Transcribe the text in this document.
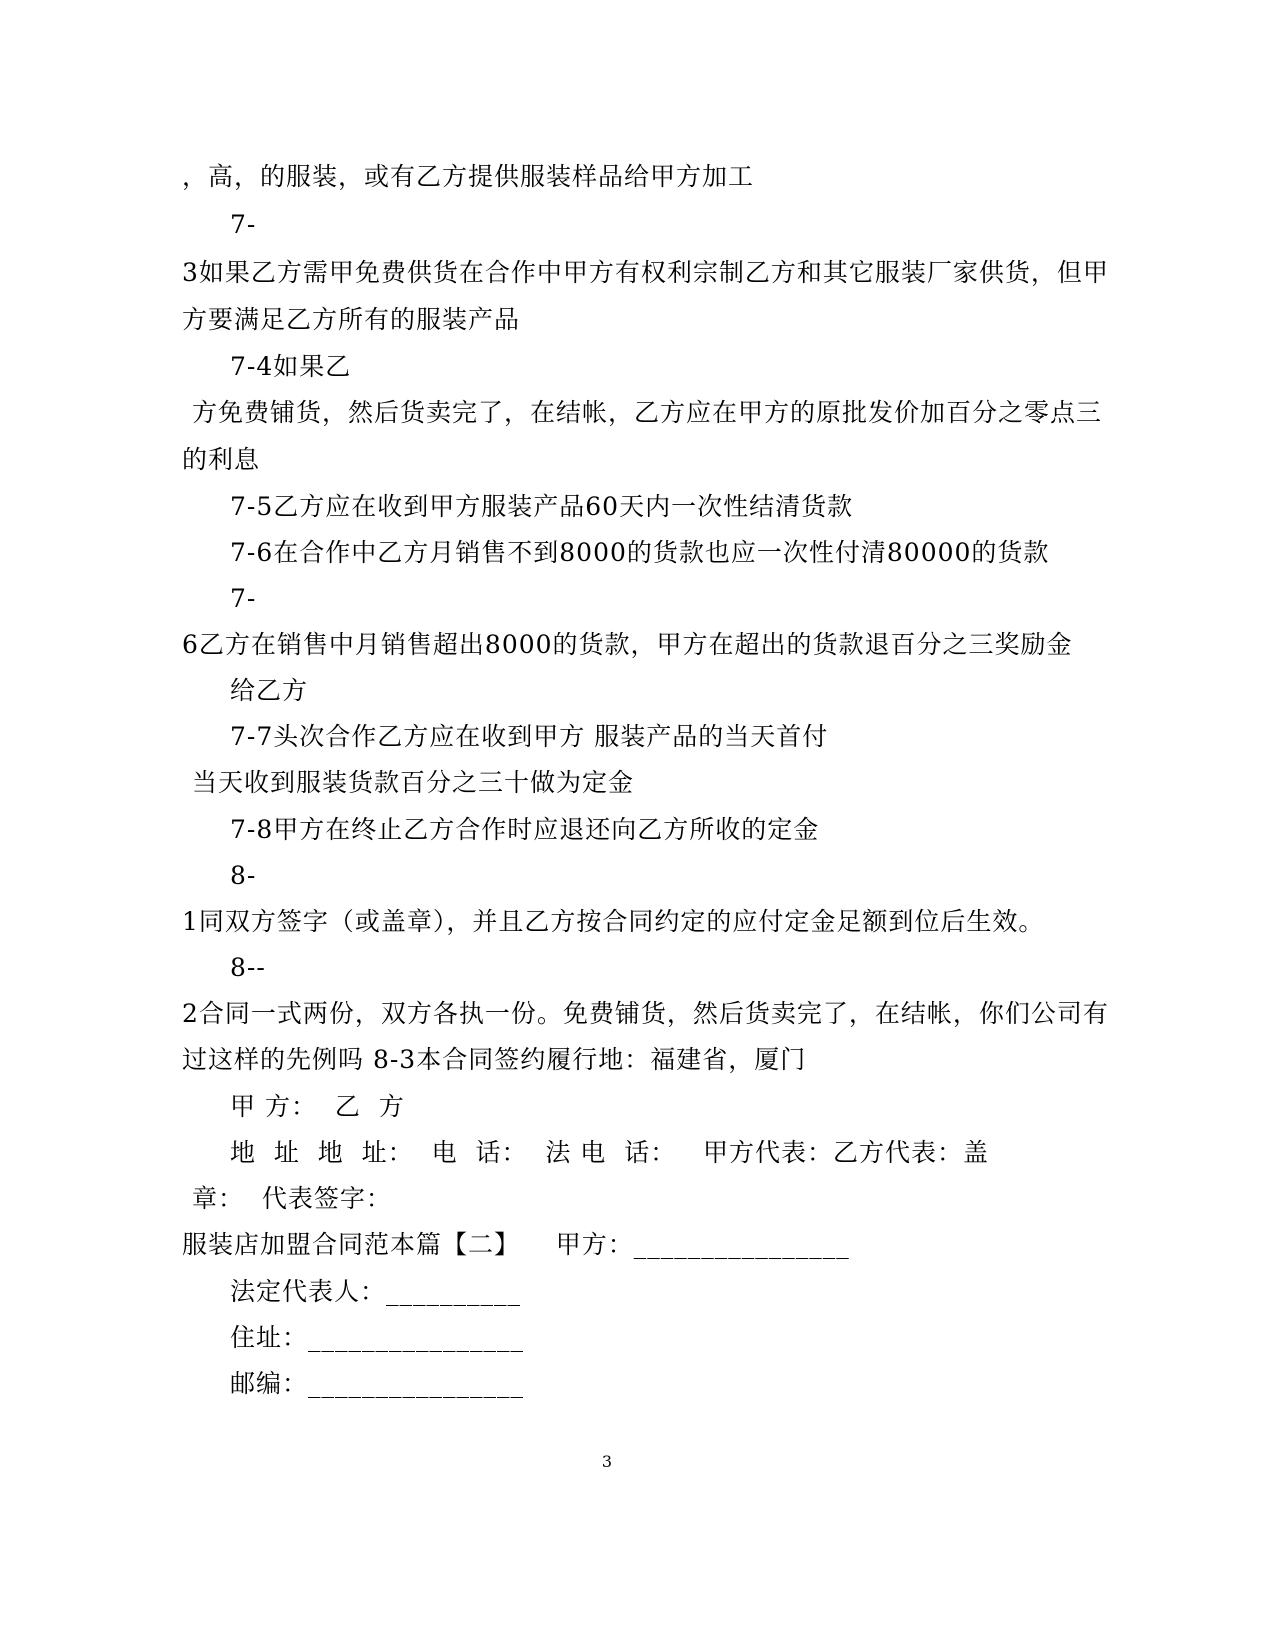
，高，的服装，或有乙方提供服装样品给甲方加工
7-
3如果乙方需甲免费供货在合作中甲方有权利宗制乙方和其它服装厂家供货，但甲
方要满足乙方所有的服装产品
7-4如果乙
方免费铺货，然后货卖完了，在结帐，乙方应在甲方的原批发价加百分之零点三
的利息
7-5乙方应在收到甲方服装产品60天内一次性结清货款
7-6在合作中乙方月销售不到8000的货款也应一次性付清80000的货款
7-
6乙方在销售中月销售超出8000的货款，甲方在超出的货款退百分之三奖励金
给乙方
7-7头次合作乙方应在收到甲方 服装产品的当天首付
当天收到服装货款百分之三十做为定金
7-8甲方在终止乙方合作时应退还向乙方所收的定金
8-
1同双方签字（或盖章），并且乙方按合同约定的应付定金足额到位后生效。
8--
2合同一式两份，双方各执一份。免费铺货，然后货卖完了，在结帐，你们公司有
过这样的先例吗 8-3本合同签约履行地：福建省，厦门
甲 方：  乙  方
地  址  地  址：  电  话：  法 电  话：   甲方代表：乙方代表：盖
章：  代表签字：
服装店加盟合同范本篇【二】    甲方：________________
法定代表人：__________
住址：________________
邮编：________________
3
